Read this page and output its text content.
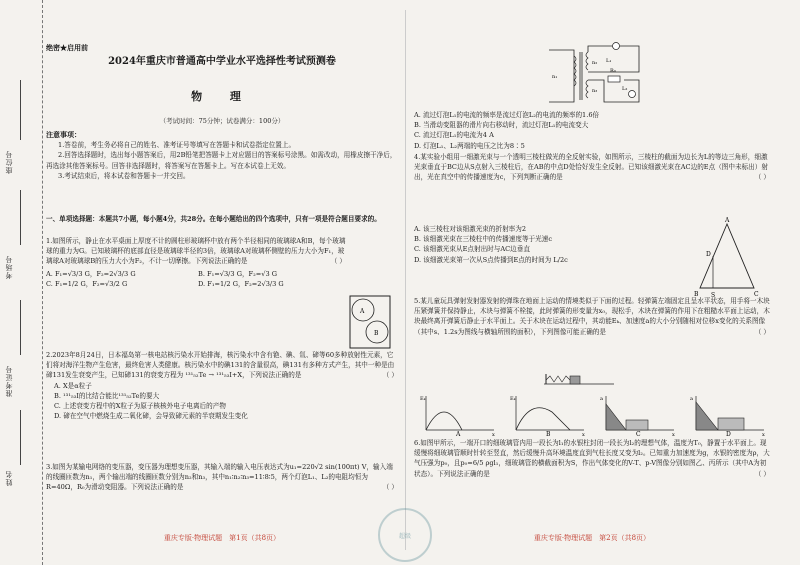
座位号
考场号
准考证号
姓名
绝密★启用前
2024年重庆市普通高中学业水平选择性考试预测卷
物 理
（考试时间：75分钟；试卷满分：100分）
注意事项：

1.答卷前，考生务必将自己的姓名、准考证号等填写在答题卡和试卷指定位置上。

2.回答选择题时，选出每小题答案后，用2B铅笔把答题卡上对应题目的答案标号涂黑。如需改动，用橡皮擦干净后，再选涂其他答案标号。回答非选择题时，将答案写在答题卡上。写在本试卷上无效。

3.考试结束后，将本试卷和答题卡一并交回。

一、单项选择题：本题共7小题，每小题4分，共28分。在每小题给出的四个选项中，只有一项是符合题目要求的。

1.如图所示，静止在水平桌面上厚度不计的圆柱形玻璃杯中放有两个半径相同的玻璃球A和B，每个玻璃球的重力为G。已知玻璃杯的底部直径是玻璃球半径的3倍，玻璃球A对玻璃杯侧壁的压力大小为F₁，玻璃球A对玻璃球B的压力大小为F₂，不计一切摩擦。下列说法正确的是	（ ）

A. F₁=√3/3 G，F₂=2√3/3 G	B. F₁=√3/3 G，F₂=√3 G
C. F₁=1/2 G，F₂=√3/2 G	D. F₁=1/2 G，F₂=2√3/3 G
A
B

2.2023年8月24日，日本福岛第一核电站核污染水开始排海，核污染水中含有铯、碘、氚、碲等60多种放射性元素，它们将对海洋生物产生危害，最终危害人类健康。核污染水中的碘131的含量很高，碘131有多种方式产生，其中一种是由碲131发生衰变产生，已知碲131的衰变方程为 ¹³¹₅₂Te → ¹³¹₅₃I+X，下列说法正确的是	（ ）

A. X是α粒子

B. ¹³¹₅₃I的比结合能比¹³¹₅₂Te的要大

C. 上述衰变方程中的X粒子为原子核核外电子电离后的产物

D. 碲在空气中燃烧生成二氧化碲，会导致碲元素的半衰期发生变化

3.如图为某输电网络的变压器，变压器为理想变压器，其输入端的输入电压表达式为u₁=220√2 sin(100πt) V，输入端的线圈匝数为n₁，两个输出端的线圈匝数分别为n₂和n₃，其中n₁∶n₂∶n₃=11∶8∶5，两个灯泡L₁、L₂的电阻均恒为R=40Ω，R₀为滑动变阻器。下列说法正确的是	（ ）

重庆专版·物理试题　第1页（共8页）	超级
n₁
L₁
L₂
R₀
n₂
n₃

A. 流过灯泡L₁的电流的频率是流过灯泡L₂的电流的频率的1.6倍

B. 当滑动变阻器的滑片向右移动时，流过灯泡L₁的电流变大

C. 流过灯泡L₁的电流为4 A

D. 灯泡L₁、L₂两端的电压之比为8∶5

4.某实验小组用一细激光束与一个透明三棱柱做光的全反射实验，如图所示，三棱柱的截面为边长为L的等边三角形，细激光束垂直于BC边从S点射入三棱柱后，在AB的中点D处恰好发生全反射。已知该细激光束在AC边的E点（图中未标出）射出，光在真空中的传播速度为c，下列判断正确的是	（ ）

A. 该三棱柱对该细激光束的折射率为2

B. 该细激光束在三棱柱中的传播速度等于光速c

C. 该细激光束从E点射出时与AC边垂直

D. 该细激光束第一次从S点传播到E点的时间为 L/2c

A
D
B S	C

5.某儿童玩具弹射发射器发射的弹珠在地面上运动的情境类似于下面的过程。轻弹簧左端固定且呈水平状态，用手将一木块压紧弹簧并保持静止，木块与弹簧不栓接，此时弹簧的形变量为x₀，现松手，木块在弹簧的作用下在粗糙水平面上运动，木块最终离开弹簧后静止于水平面上。关于木块在运动过程中，其动能Eₖ、加速度a的大小分别随相对位移x变化的关系图像（其中s、1.2s为图线与横轴所围的面积），下列图像可能正确的是	（ ）

Eₖ
x
A
Eₖ
x
B
a
x
C
a
x
D

6.如图甲所示，一端开口的细玻璃管内用一段长为l₁的水银柱封闭一段长为l₂的理想气体，温度为T₀，静置于水平面上。现缓慢将细玻璃管顺时针转至竖直，然后缓慢升高环境温度直到气柱长度又变为l₂。已知重力加速度为g，水银的密度为ρ，大气压强为p₀，且p₀=6/5 ρgl₁，细玻璃管的横截面积为S，作出气体变化的V-T、p-V图像分别如图乙、丙所示（其中A为初状态）。下列说法正确的是	（ ）

重庆专版·物理试题　第2页（共8页）
